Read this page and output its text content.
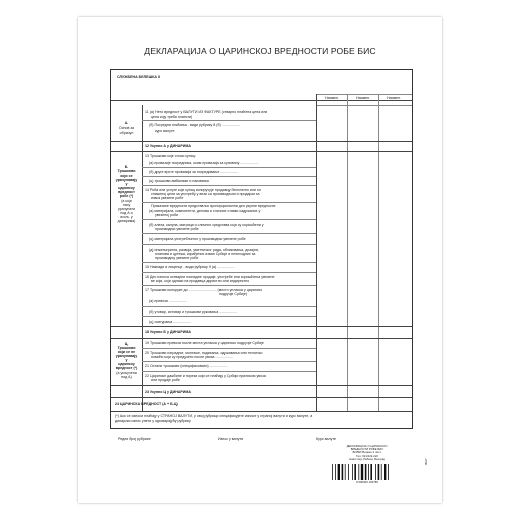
ДЕКЛАРАЦИЈА О ЦАРИНСКОЈ ВРЕДНОСТИ РОБЕ БИС
СЛУЖБЕНА БЕЛЕШКА II
Наимен.	Наимен.	Наимен.
А.
Основ за
обрачун
11 (а) Нето вредност у ВАЛУТИ ИЗ ФАКТУРЕ (стварно плаћена цена или
цена коју треба платити)
(б) Посредна плаћања - види рубрику 8 (б) ..................
курс валуте
12 Укупно А у ДИНАРИМА
Б.
Трошкови
који се
урачунавају
у
царинску
вредност
робе (*)
(а који
нису
урачунати
под А и
искљ. у
динарима)
13 Трошкови које сноси купац:
(а) провизије посредника, осим провизија за куповину ..................
(б) друге врсте провизија за посредовање ..................
(ц) трошкови амбалаже и паковања
14 Роба или услуге које купац испоручује продавцу бесплатно или по
сниженој цени за употребу у вези са производњом и продајом за
извоз увезене робе
Приказане вредности представља пропорционални део укупне вредности:
(а) материјала, компоненти, делова и сличних ставки садржаних у
увезеној роби
(б) алата, калупа, матрица и сличних средстава који су коришћени у
производњи увезене робе
(ц) материјала употребљеног у производњи увезене робе
(д) инжењеринга, развоја, уметничког рада, обликовања, дизајна,
планова и цртежа, израђених изван Србије и неопходних за
производњу увезене робе
15 Накнаде и лиценце - види рубрику 9 (а) ..................
16 Део износа оствареи покнадне продаје, употребе или коришћења увезене
ве који, који одлази на продавца директно или индиректно
17 Трошкови испоруке до ............................ (место упласка у царинско
подручје Србије)
(а) превоза ..................
(б) утовар, истовар и трошкови руковања ..................
(ц) осигурања ..................
18 Укупно Б у ДИНАРИМА
Ц.
Трошкови
који се не
урачунавају
у
царинску
вредност (*)
(а укључени
под А)
19 Трошкови превоза после места упласка у царинско подручје Србије
20 Трошкови изградње, монтаже, подизања, одржавања или техничко
помоћи који су предузети после увоза ..................
21 Остали трошкови (спецификовати) ..................
22 Царинске дажбине и порези који се плаћају у Србији приликом увоза
или продаје робе
23 Укупно Ц у ДИНАРИМА
24 ЦАРИНСКА ВРЕДНОСТ (А + Б-Ц)
(*) Ако се износи плаћају у СТРАНОЈ ВАЛУТИ, у овој рубрици спецификујете износе у страној валути и курс валуте, а
динарски износ унети у одговарајућу рубрику
Редни број рубрике	Износ у валути	Курс валуте
ДЕКЛАРАЦИЈА О ЦАРИНСКОЈ
ВРЕДНОСТИ РОБЕ БИС
БИЛЕГ/Бланко 2 лист.
Тел: 021/422-222
Нови Сад, Рабаса, Београд
8 600306 163786
0027
